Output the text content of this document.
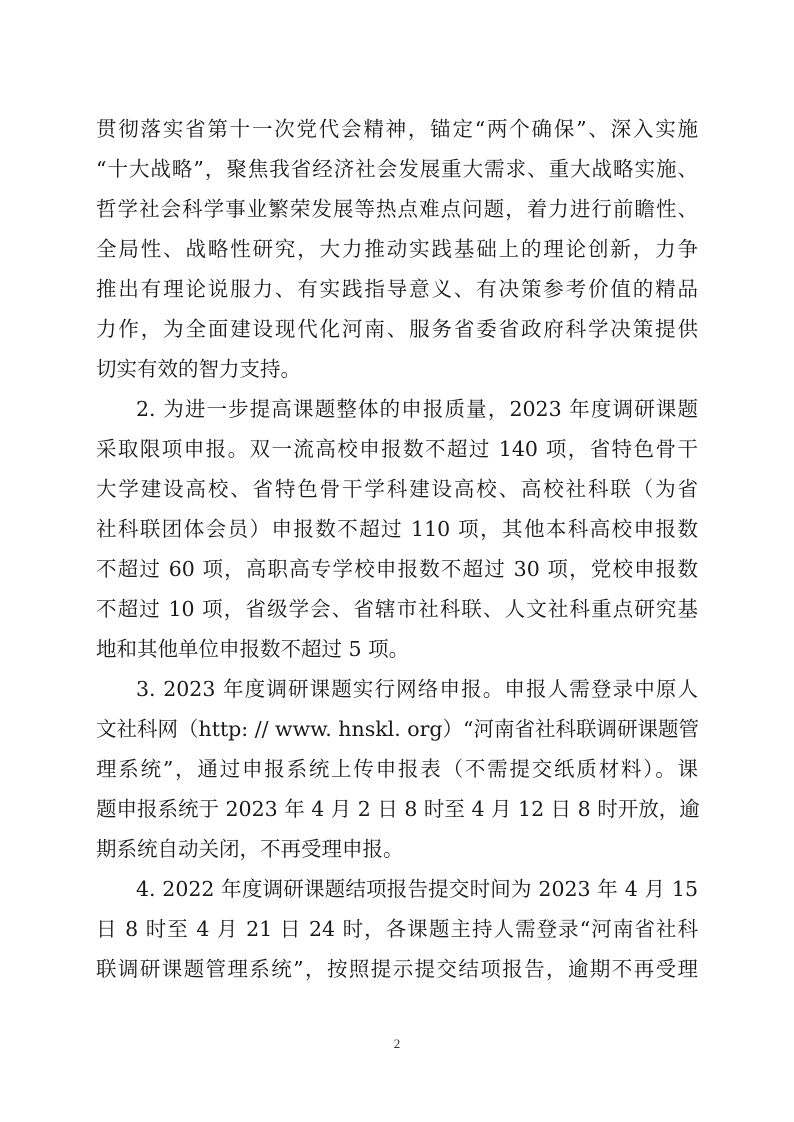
贯彻落实省第十一次党代会精神，锚定“两个确保”、深入实施
“十大战略”，聚焦我省经济社会发展重大需求、重大战略实施、
哲学社会科学事业繁荣发展等热点难点问题，着力进行前瞻性、
全局性、战略性研究，大力推动实践基础上的理论创新，力争
推出有理论说服力、有实践指导意义、有决策参考价值的精品
力作，为全面建设现代化河南、服务省委省政府科学决策提供
切实有效的智力支持。
2. 为进一步提高课题整体的申报质量，2023 年度调研课题
采取限项申报。双一流高校申报数不超过 140 项，省特色骨干
大学建设高校、省特色骨干学科建设高校、高校社科联（为省
社科联团体会员）申报数不超过 110 项，其他本科高校申报数
不超过 60 项，高职高专学校申报数不超过 30 项，党校申报数
不超过 10 项，省级学会、省辖市社科联、人文社科重点研究基
地和其他单位申报数不超过 5 项。
3. 2023 年度调研课题实行网络申报。申报人需登录中原人
文社科网（http: // www. hnskl. org）“河南省社科联调研课题管
理系统”，通过申报系统上传申报表（不需提交纸质材料）。课
题申报系统于 2023 年 4 月 2 日 8 时至 4 月 12 日 8 时开放，逾
期系统自动关闭，不再受理申报。
4. 2022 年度调研课题结项报告提交时间为 2023 年 4 月 15
日 8 时至 4 月 21 日 24 时，各课题主持人需登录“河南省社科
联调研课题管理系统”，按照提示提交结项报告，逾期不再受理
2
